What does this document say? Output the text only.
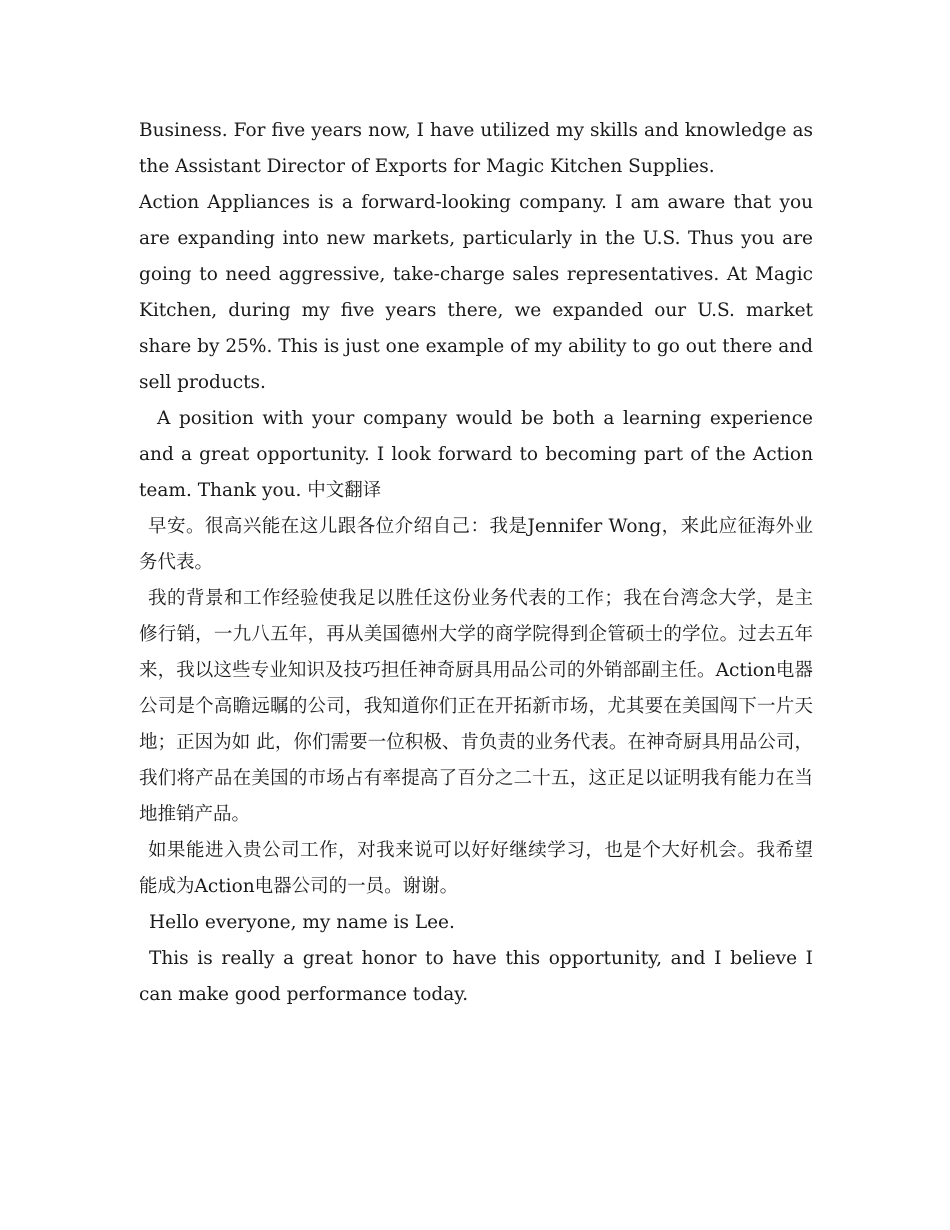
Business. For five years now, I have utilized my skills and knowledge as the Assistant Director of Exports for Magic Kitchen Supplies.

Action Appliances is a forward-looking company. I am aware that you are expanding into new markets, particularly in the U.S. Thus you are going to need aggressive, take-charge sales representatives. At Magic Kitchen, during my five years there, we expanded our U.S. market share by 25%. This is just one example of my ability to go out there and sell products.

A position with your company would be both a learning experience and a great opportunity. I look forward to becoming part of the Action team. Thank you. 中文翻译

早安。很高兴能在这儿跟各位介绍自己：我是Jennifer Wong，来此应征海外业务代表。

我的背景和工作经验使我足以胜任这份业务代表的工作；我在台湾念大学，是主修行销，一九八五年，再从美国德州大学的商学院得到企管硕士的学位。过去五年来，我以这些专业知识及技巧担任神奇厨具用品公司的外销部副主任。Action电器公司是个高瞻远瞩的公司，我知道你们正在开拓新市场，尤其要在美国闯下一片天地；正因为如 此，你们需要一位积极、肯负责的业务代表。在神奇厨具用品公司，我们将产品在美国的市场占有率提高了百分之二十五，这正足以证明我有能力在当地推销产品。

如果能进入贵公司工作，对我来说可以好好继续学习，也是个大好机会。我希望能成为Action电器公司的一员。谢谢。

Hello everyone, my name is Lee.

This is really a great honor to have this opportunity, and I believe I can make good performance today.
